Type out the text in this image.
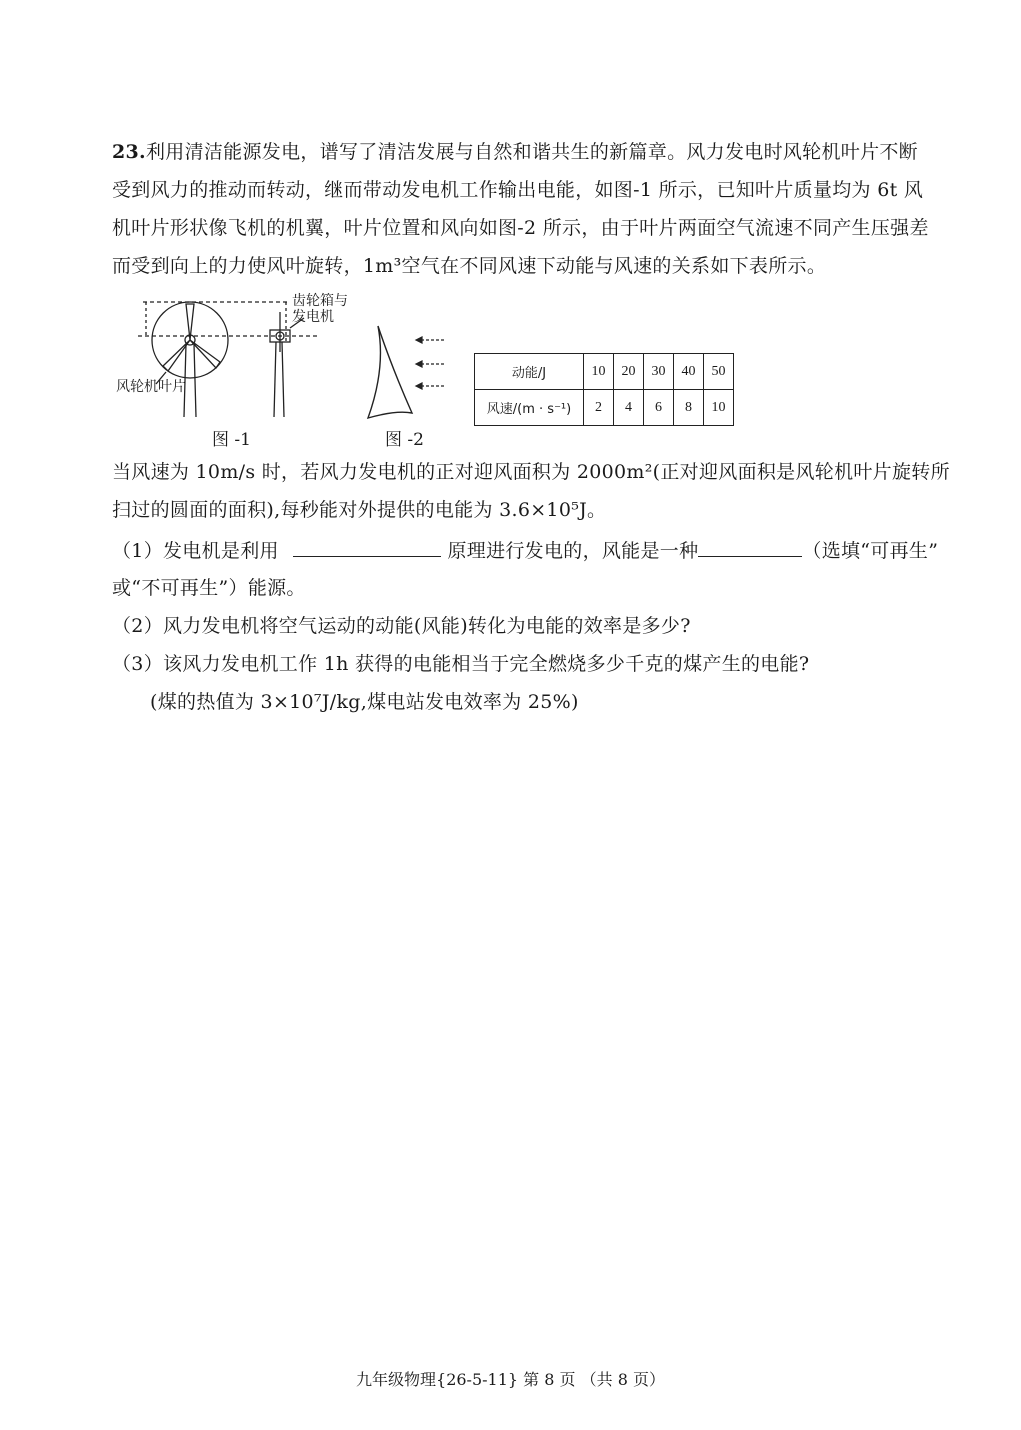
23.利用清洁能源发电，谱写了清洁发展与自然和谐共生的新篇章。风力发电时风轮机叶片不断
受到风力的推动而转动，继而带动发电机工作输出电能，如图-1 所示，已知叶片质量均为 6t 风
机叶片形状像飞机的机翼，叶片位置和风向如图-2 所示，由于叶片两面空气流速不同产生压强差
而受到向上的力使风叶旋转，1m³空气在不同风速下动能与风速的关系如下表所示。
齿轮箱与
发电机
风轮机叶片
图 -1	图 -2
动能/J	10	20	30	40	50
风速/(m · s⁻¹)	2	4	6	8	10
当风速为 10m/s 时，若风力发电机的正对迎风面积为 2000m²(正对迎风面积是风轮机叶片旋转所
扫过的圆面的面积),每秒能对外提供的电能为 3.6×10⁵J。
（1）发电机是利用	原理进行发电的，风能是一种	（选填“可再生”
或“不可再生”）能源。
（2）风力发电机将空气运动的动能(风能)转化为电能的效率是多少?
（3）该风力发电机工作 1h 获得的电能相当于完全燃烧多少千克的煤产生的电能?
(煤的热值为 3×10⁷J/kg,煤电站发电效率为 25%)
九年级物理{26-5-11} 第 8 页 （共 8 页）
